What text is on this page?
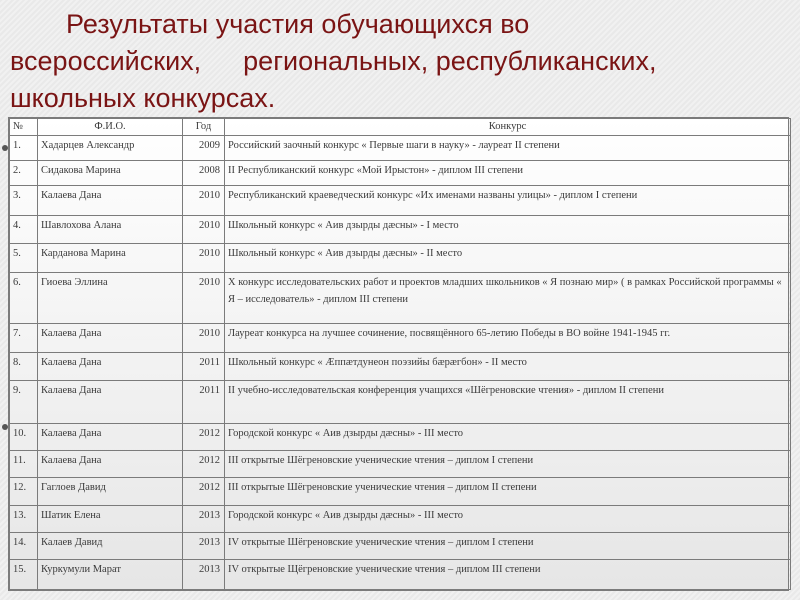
Результаты участия обучающихся во
всероссийских, региональных, республиканских,
школьных конкурсах.
№	Ф.И.О.	Год	Конкурс
1.	Хадарцев Александр	2009	Российский заочный конкурс « Первые шаги в науку» - лауреат II степени
2.	Сидакова Марина	2008	II Республиканский конкурс «Мой Ирыстон» - диплом III степени
3.	Калаева Дана	2010	Республиканский краеведческий конкурс «Их именами названы улицы» - диплом I степени
4.	Шавлохова Алана	2010	Школьный конкурс « Аив дзырды дæсны» - I место
5.	Карданова Марина	2010	Школьный конкурс « Аив дзырды дæсны» - II место
6.	Гиоева Эллина	2010	X конкурс исследовательских работ и проектов младших школьников « Я познаю мир» ( в рамках Российской программы « Я – исследователь» - диплом III степени
7.	Калаева Дана	2010	Лауреат конкурса на лучшее сочинение, посвящённого 65-летию Победы в ВО войне 1941-1945 гг.
8.	Калаева Дана	2011	Школьный конкурс « Æппæтдунеон поэзийы бæрæгбон» - II место
9.	Калаева Дана	2011	II учебно-исследовательская конференция учащихся «Шёгреновские чтения» - диплом II степени
10.	Калаева Дана	2012	Городской конкурс « Аив дзырды дæсны» - III место
11.	Калаева Дана	2012	III открытые Шёгреновские ученические чтения – диплом I степени
12.	Гаглоев Давид	2012	III открытые Шёгреновские ученические чтения – диплом II степени
13.	Шатик Елена	2013	Городской конкурс « Аив дзырды дæсны» - III место
14.	Калаев Давид	2013	IV открытые Шёгреновские ученические чтения – диплом I степени
15.	Куркумули Марат	2013	IV открытые Щёгреновские ученические чтения – диплом III степени
